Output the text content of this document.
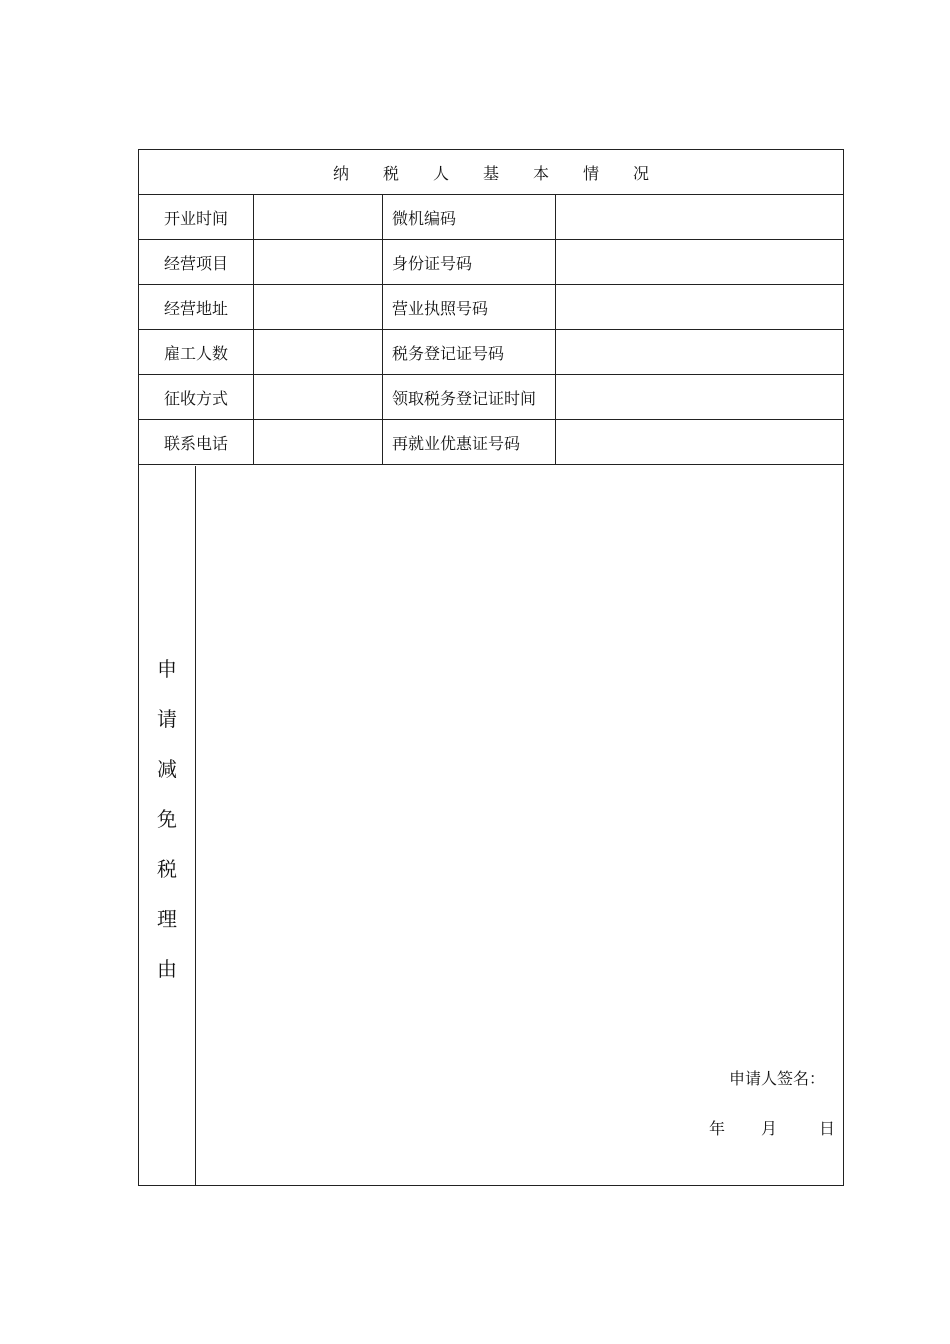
纳税人基本情况
开业时间	微机编码
经营项目	身份证号码
经营地址	营业执照号码
雇工人数	税务登记证号码
征收方式	领取税务登记证时间
联系电话	再就业优惠证号码
申
请
减
免
税
理
由
申请人签名：
年	月	日
